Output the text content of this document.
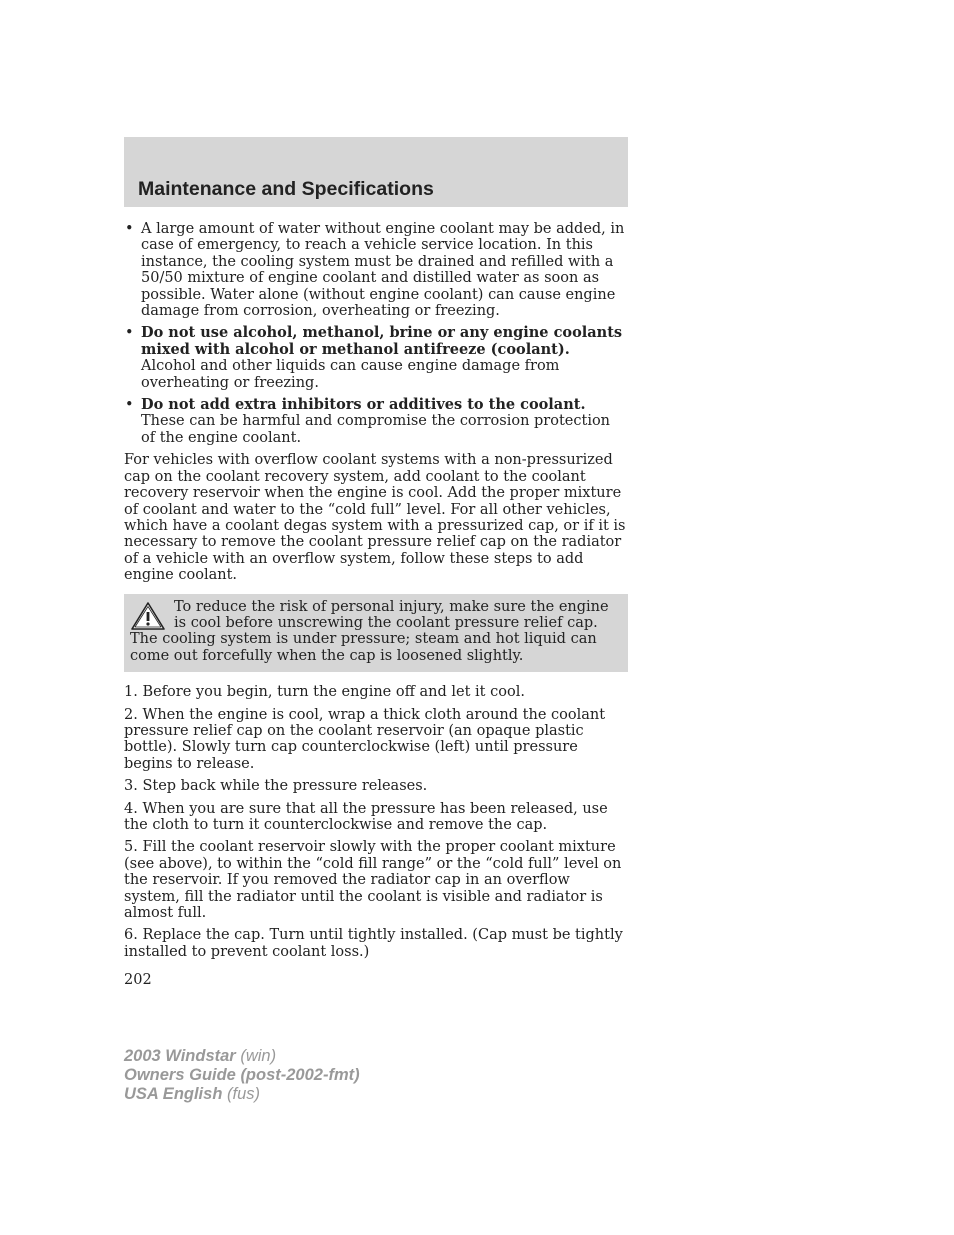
Maintenance and Specifications
• A large amount of water without engine coolant may be added, in case of emergency, to reach a vehicle service location. In this instance, the cooling system must be drained and refilled with a 50/50 mixture of engine coolant and distilled water as soon as possible. Water alone (without engine coolant) can cause engine damage from corrosion, overheating or freezing.
• Do not use alcohol, methanol, brine or any engine coolants mixed with alcohol or methanol antifreeze (coolant). Alcohol and other liquids can cause engine damage from overheating or freezing.
• Do not add extra inhibitors or additives to the coolant. These can be harmful and compromise the corrosion protection of the engine coolant.

For vehicles with overflow coolant systems with a non-pressurized cap on the coolant recovery system, add coolant to the coolant recovery reservoir when the engine is cool. Add the proper mixture of coolant and water to the “cold full” level. For all other vehicles, which have a coolant degas system with a pressurized cap, or if it is necessary to remove the coolant pressure relief cap on the radiator of a vehicle with an overflow system, follow these steps to add engine coolant.

To reduce the risk of personal injury, make sure the engine is cool before unscrewing the coolant pressure relief cap. The cooling system is under pressure; steam and hot liquid can come out forcefully when the cap is loosened slightly.

1. Before you begin, turn the engine off and let it cool.

2. When the engine is cool, wrap a thick cloth around the coolant pressure relief cap on the coolant reservoir (an opaque plastic bottle). Slowly turn cap counterclockwise (left) until pressure begins to release.

3. Step back while the pressure releases.

4. When you are sure that all the pressure has been released, use the cloth to turn it counterclockwise and remove the cap.

5. Fill the coolant reservoir slowly with the proper coolant mixture (see above), to within the “cold fill range” or the “cold full” level on the reservoir. If you removed the radiator cap in an overflow system, fill the radiator until the coolant is visible and radiator is almost full.

6. Replace the cap. Turn until tightly installed. (Cap must be tightly installed to prevent coolant loss.)

202
2003 Windstar (win)
Owners Guide (post-2002-fmt)
USA English (fus)
